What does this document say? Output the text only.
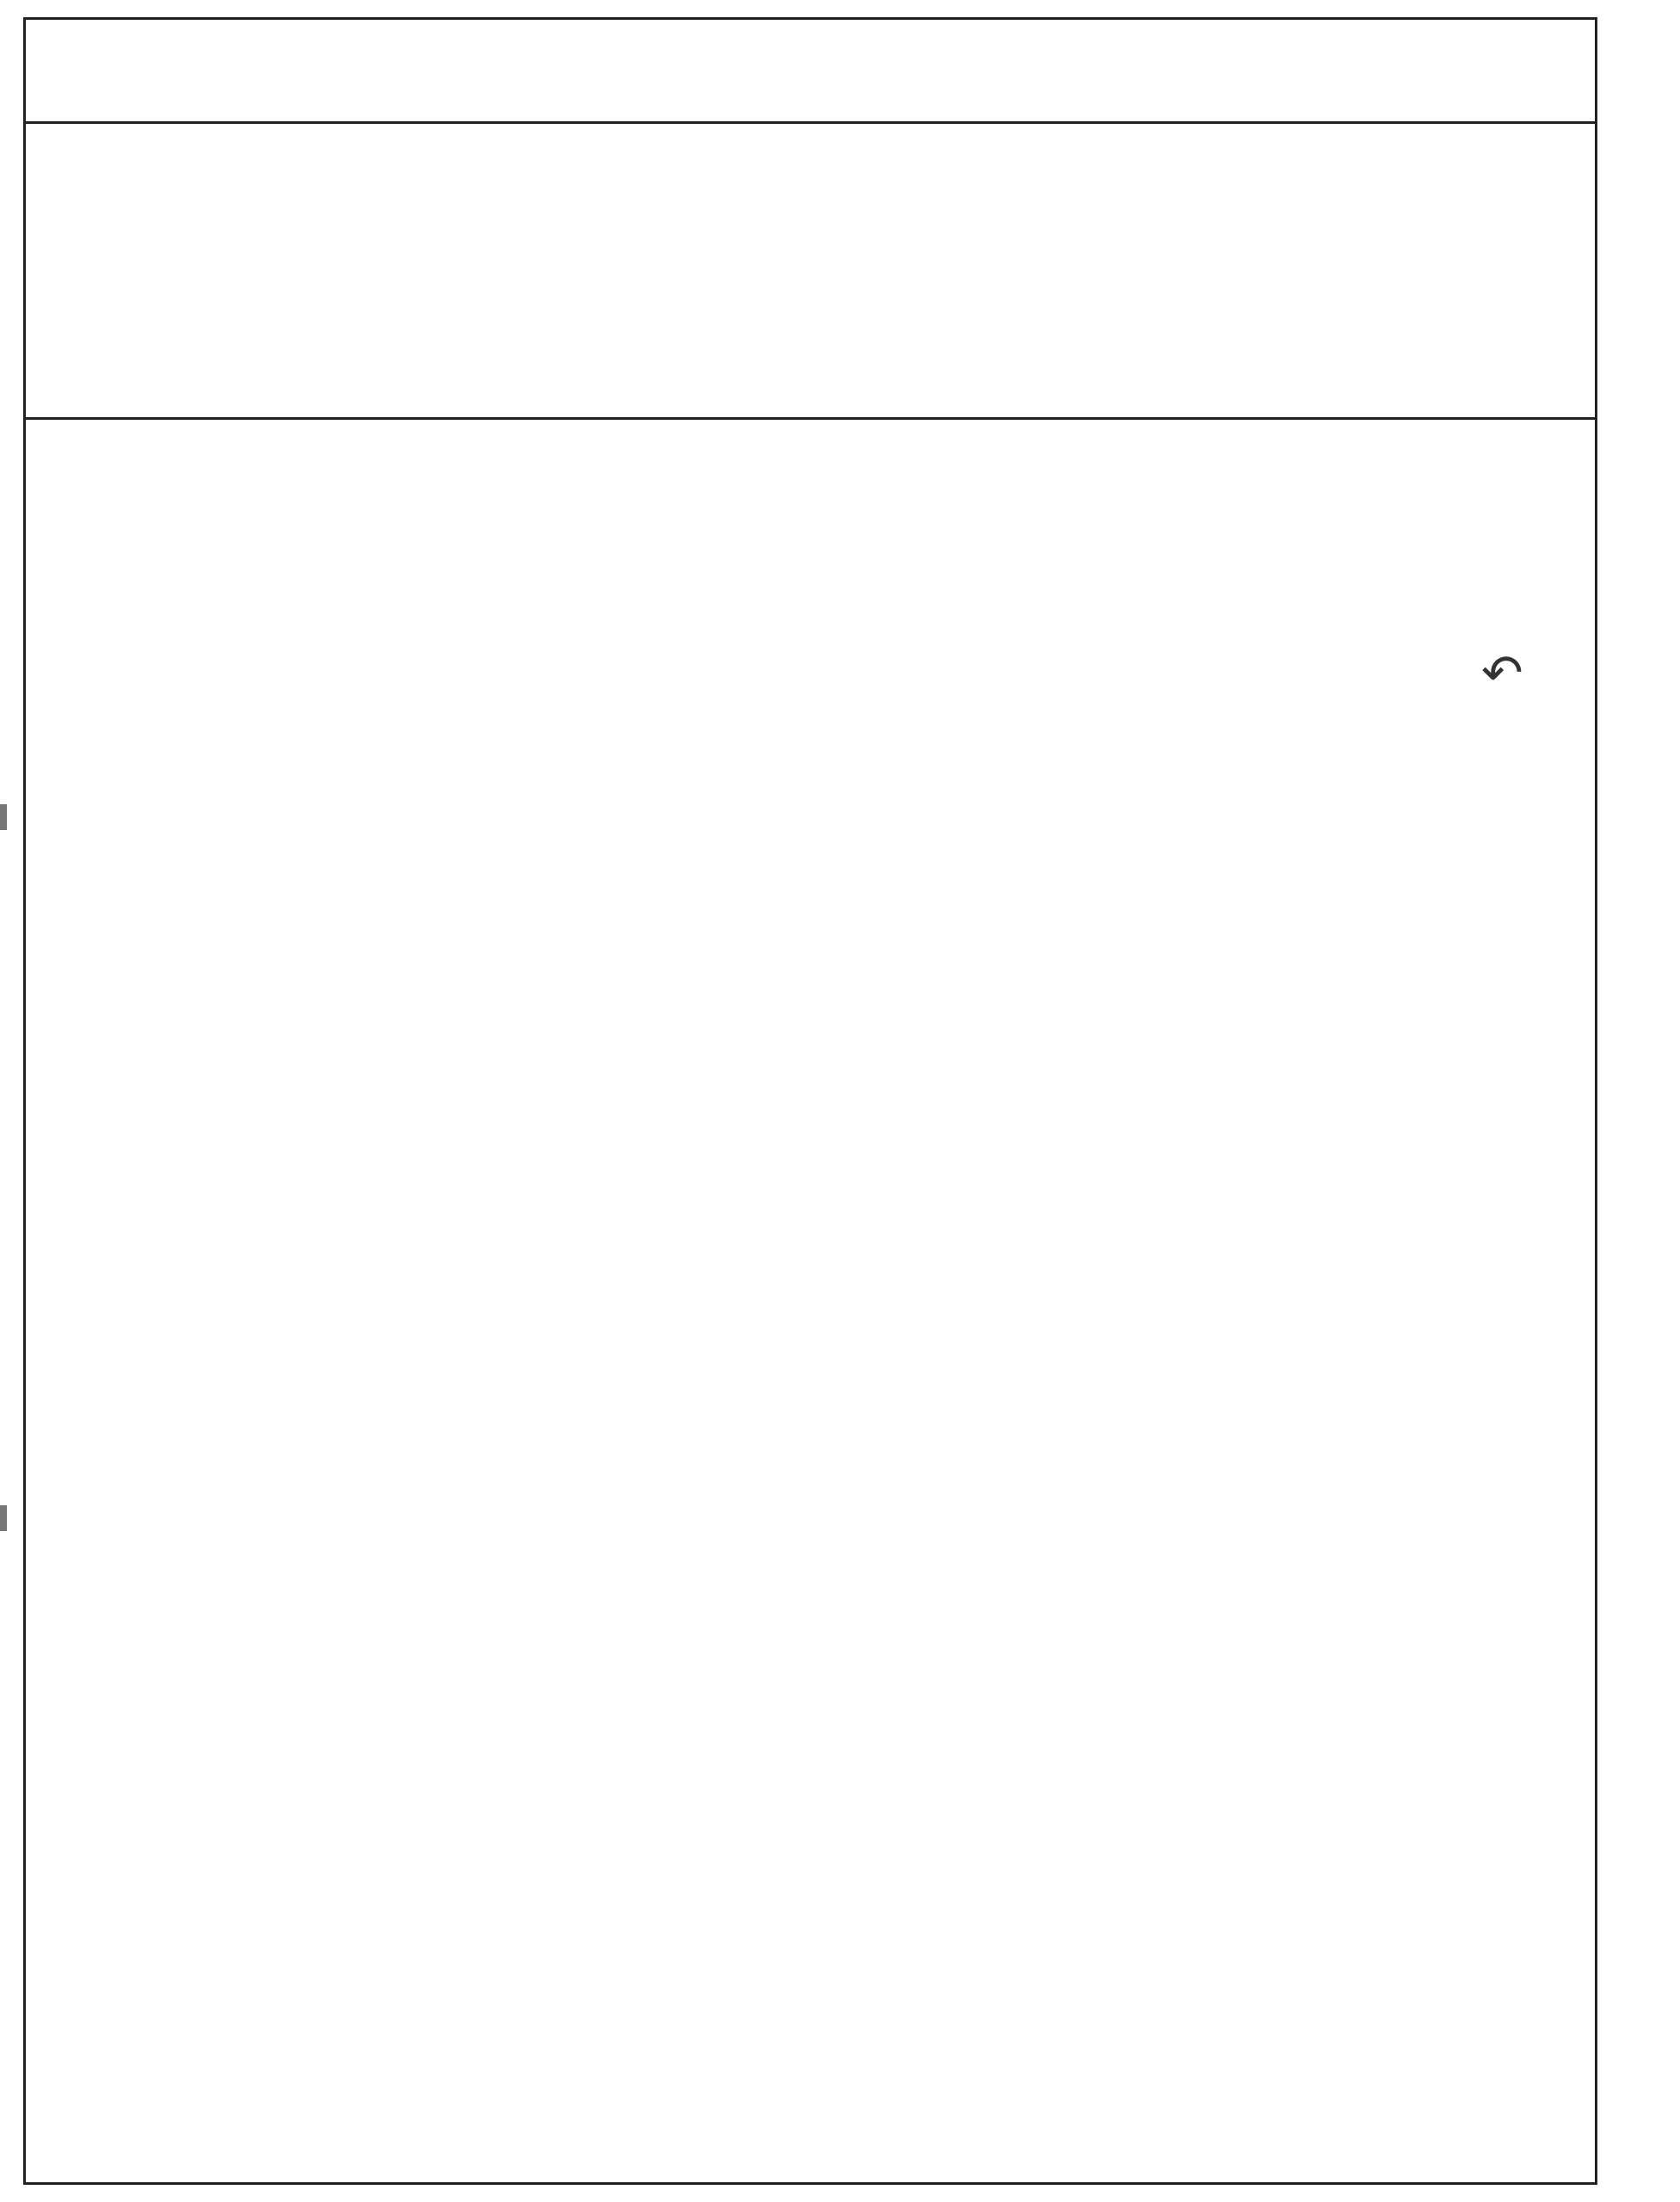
↶
